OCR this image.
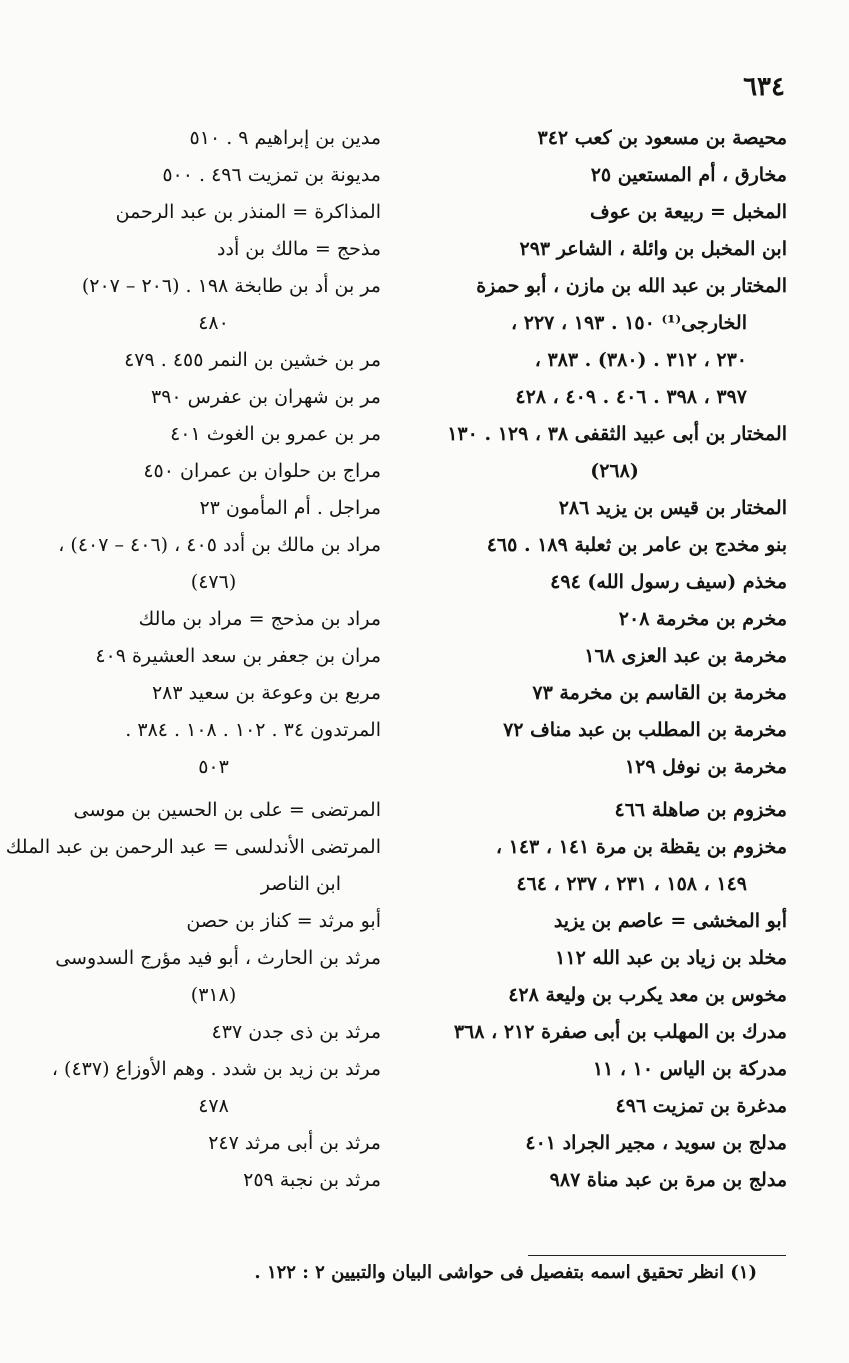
٦٣٤
محيصة بن مسعود بن كعب ٣٤٢
مخارق ، أم المستعين ٢٥
المخبل = ربيعة بن عوف
ابن المخبل بن وائلة ، الشاعر ٢٩٣
المختار بن عبد الله بن مازن ، أبو حمزة
الخارجى⁽¹⁾ ١٥٠ . ١٩٣ ، ٢٢٧ ،
٢٣٠ ، ٣١٢ . (٣٨٠) . ٣٨٣ ،
٣٩٧ ، ٣٩٨ . ٤٠٦ . ٤٠٩ ، ٤٢٨
المختار بن أبى عبيد الثقفى ٣٨ ، ١٢٩ . ١٣٠
(٢٦٨)
المختار بن قيس بن يزيد ٢٨٦
بنو مخدج بن عامر بن ثعلبة ١٨٩ . ٤٦٥
مخذم (سيف رسول الله) ٤٩٤
مخرم بن مخرمة ٢٠٨
مخرمة بن عبد العزى ١٦٨
مخرمة بن القاسم بن مخرمة ٧٣
مخرمة بن المطلب بن عبد مناف ٧٢
مخرمة بن نوفل ١٢٩
مخزوم بن صاهلة ٤٦٦
مخزوم بن يقظة بن مرة ١٤١ ، ١٤٣ ،
١٤٩ ، ١٥٨ ، ٢٣١ ، ٢٣٧ ، ٤٦٤
أبو المخشى = عاصم بن يزيد
مخلد بن زياد بن عبد الله ١١٢
مخوس بن معد يكرب بن وليعة ٤٢٨
مدرك بن المهلب بن أبى صفرة ٢١٢ ، ٣٦٨
مدركة بن الياس ١٠ ، ١١
مدغرة بن تمزيت ٤٩٦
مدلج بن سويد ، مجير الجراد ٤٠١
مدلج بن مرة بن عبد مناة ٩٨٧
مدين بن إبراهيم ٩ . ٥١٠
مديونة بن تمزيت ٤٩٦ . ٥٠٠
المذاكرة = المنذر بن عبد الرحمن
مذحج = مالك بن أدد
مر بن أد بن طابخة ١٩٨ . (٢٠٦ – ٢٠٧)
٤٨٠
مر بن خشين بن النمر ٤٥٥ . ٤٧٩
مر بن شهران بن عفرس ٣٩٠
مر بن عمرو بن الغوث ٤٠١
مراج بن حلوان بن عمران ٤٥٠
مراجل . أم المأمون ٢٣
مراد بن مالك بن أدد ٤٠٥ ، (٤٠٦ – ٤٠٧) ،
(٤٧٦)
مراد بن مذحج = مراد بن مالك
مران بن جعفر بن سعد العشيرة ٤٠٩
مربع بن وعوعة بن سعيد ٢٨٣
المرتدون ٣٤ . ١٠٢ . ١٠٨ . ٣٨٤ .
٥٠٣
المرتضى = على بن الحسين بن موسى
المرتضى الأندلسى = عبد الرحمن بن عبد الملك
ابن الناصر
أبو مرثد = كناز بن حصن
مرثد بن الحارث ، أبو فيد مؤرج السدوسى
(٣١٨)
مرثد بن ذى جدن ٤٣٧
مرثد بن زيد بن شدد . وهم الأوزاع (٤٣٧) ،
٤٧٨
مرثد بن أبى مرثد ٢٤٧
مرثد بن نجبة ٢٥٩
(١) انظر تحقيق اسمه بتفصيل فى حواشى البيان والتبيين ٢ : ١٢٢ .
